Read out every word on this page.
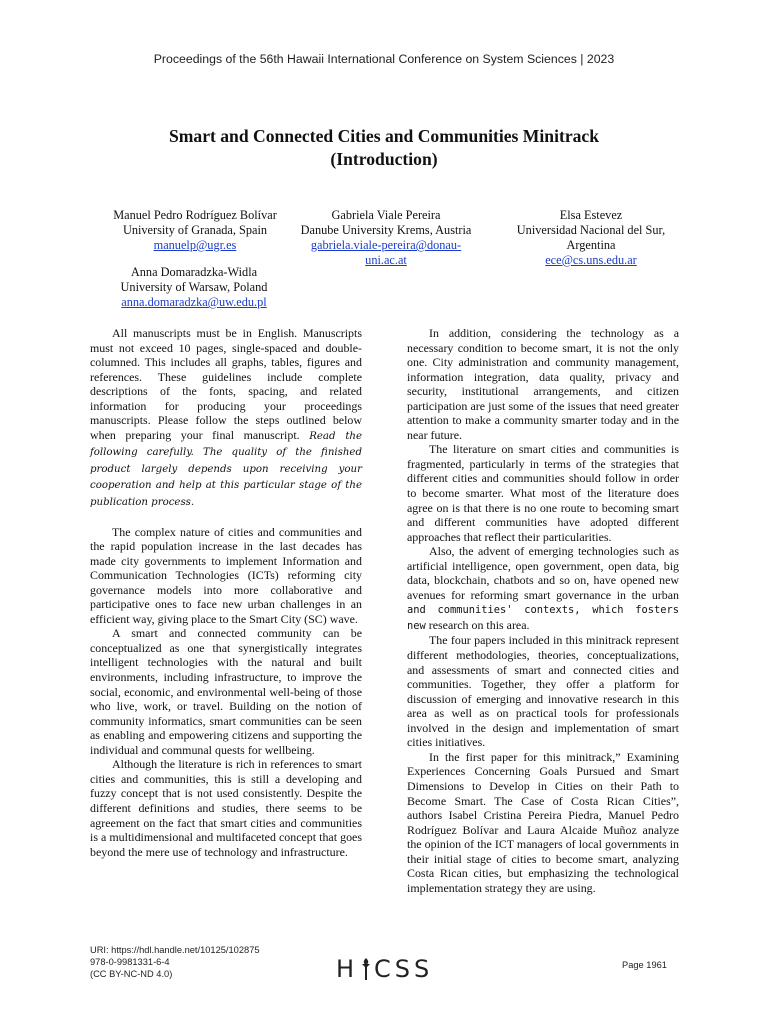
Proceedings of the 56th Hawaii International Conference on System Sciences | 2023
Smart and Connected Cities and Communities Minitrack
(Introduction)
Manuel Pedro Rodríguez Bolívar
University of Granada, Spain
manuelp@ugr.es
Gabriela Viale Pereira
Danube University Krems, Austria
gabriela.viale-pereira@donau-
uni.ac.at
Elsa Estevez
Universidad Nacional del Sur,
Argentina
ece@cs.uns.edu.ar
Anna Domaradzka-Widla
University of Warsaw, Poland
anna.domaradzka@uw.edu.pl

All manuscripts must be in English. Manuscripts must not exceed 10 pages, single-spaced and double-columned. This includes all graphs, tables, figures and references. These guidelines include complete descriptions of the fonts, spacing, and related information for producing your proceedings manuscripts. Please follow the steps outlined below when preparing your final manuscript. Read the following carefully. The quality of the finished product largely depends upon receiving your cooperation and help at this particular stage of the publication process.

The complex nature of cities and communities and the rapid population increase in the last decades has made city governments to implement Information and Communication Technologies (ICTs) reforming city governance models into more collaborative and participative ones to face new urban challenges in an efficient way, giving place to the Smart City (SC) wave.

A smart and connected community can be conceptualized as one that synergistically integrates intelligent technologies with the natural and built environments, including infrastructure, to improve the social, economic, and environmental well-being of those who live, work, or travel. Building on the notion of community informatics, smart communities can be seen as enabling and empowering citizens and supporting the individual and communal quests for wellbeing.

Although the literature is rich in references to smart cities and communities, this is still a developing and fuzzy concept that is not used consistently. Despite the different definitions and studies, there seems to be agreement on the fact that smart cities and communities is a multidimensional and multifaceted concept that goes beyond the mere use of technology and infrastructure.

In addition, considering the technology as a necessary condition to become smart, it is not the only one. City administration and community management, information integration, data quality, privacy and security, institutional arrangements, and citizen participation are just some of the issues that need greater attention to make a community smarter today and in the near future.

The literature on smart cities and communities is fragmented, particularly in terms of the strategies that different cities and communities should follow in order to become smarter. What most of the literature does agree on is that there is no one route to becoming smart and different communities have adopted different approaches that reflect their particularities.

Also, the advent of emerging technologies such as artificial intelligence, open government, open data, big data, blockchain, chatbots and so on, have opened new avenues for reforming smart governance in the urban and communities' contexts, which fosters new research on this area.

The four papers included in this minitrack represent different methodologies, theories, conceptualizations, and assessments of smart and connected cities and communities. Together, they offer a platform for discussion of emerging and innovative research in this area as well as on practical tools for professionals involved in the design and implementation of smart cities initiatives.

In the first paper for this minitrack,” Examining Experiences Concerning Goals Pursued and Smart Dimensions to Develop in Cities on their Path to Become Smart. The Case of Costa Rican Cities”, authors Isabel Cristina Pereira Piedra, Manuel Pedro Rodríguez Bolívar and Laura Alcaide Muñoz analyze the opinion of the ICT managers of local governments in their initial stage of cities to become smart, analyzing Costa Rican cities, but emphasizing the technological implementation strategy they are using.

URI: https://hdl.handle.net/10125/102875
978-0-9981331-6-4
(CC BY-NC-ND 4.0)	H CSS	Page 1961
